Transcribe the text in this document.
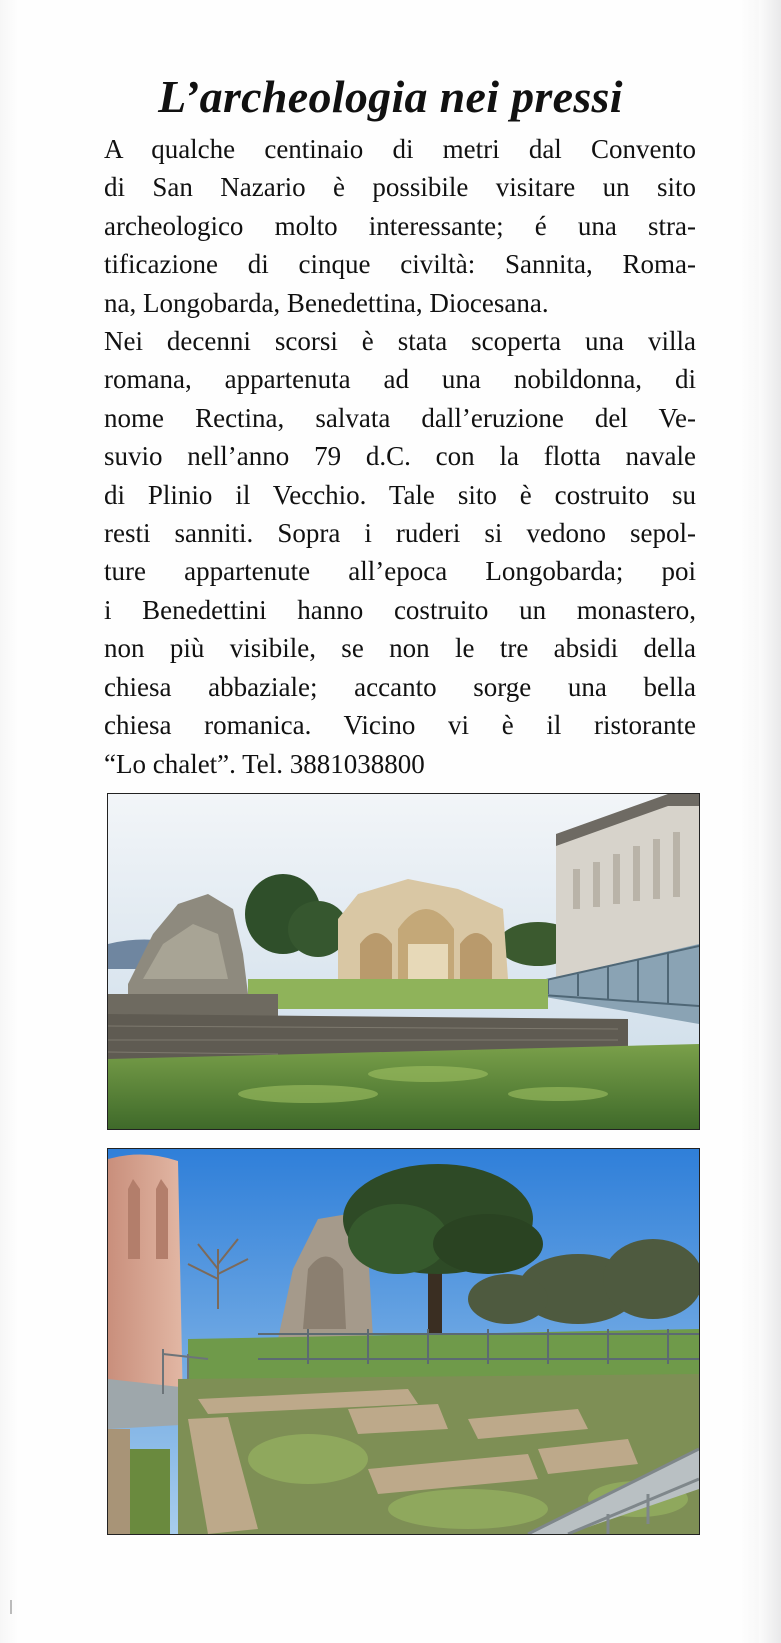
L’archeologia nei pressi

A qualche centinaio di metri dal Convento
di San Nazario è possibile visitare un sito
archeologico molto interessante; é una stra-
tificazione di cinque civiltà: Sannita, Roma-
na, Longobarda, Benedettina, Diocesana.

Nei decenni scorsi è stata scoperta una villa
romana, appartenuta ad una nobildonna, di
nome Rectina, salvata dall’eruzione del Ve-
suvio nell’anno 79 d.C. con la flotta navale
di Plinio il Vecchio. Tale sito è costruito su
resti sanniti. Sopra i ruderi si vedono sepol-
ture appartenute all’epoca Longobarda; poi
i Benedettini hanno costruito un monastero,
non più visibile, se non le tre absidi della
chiesa abbaziale; accanto sorge una bella
chiesa romanica. Vicino vi è il ristorante
“Lo chalet”. Tel. 3881038800
